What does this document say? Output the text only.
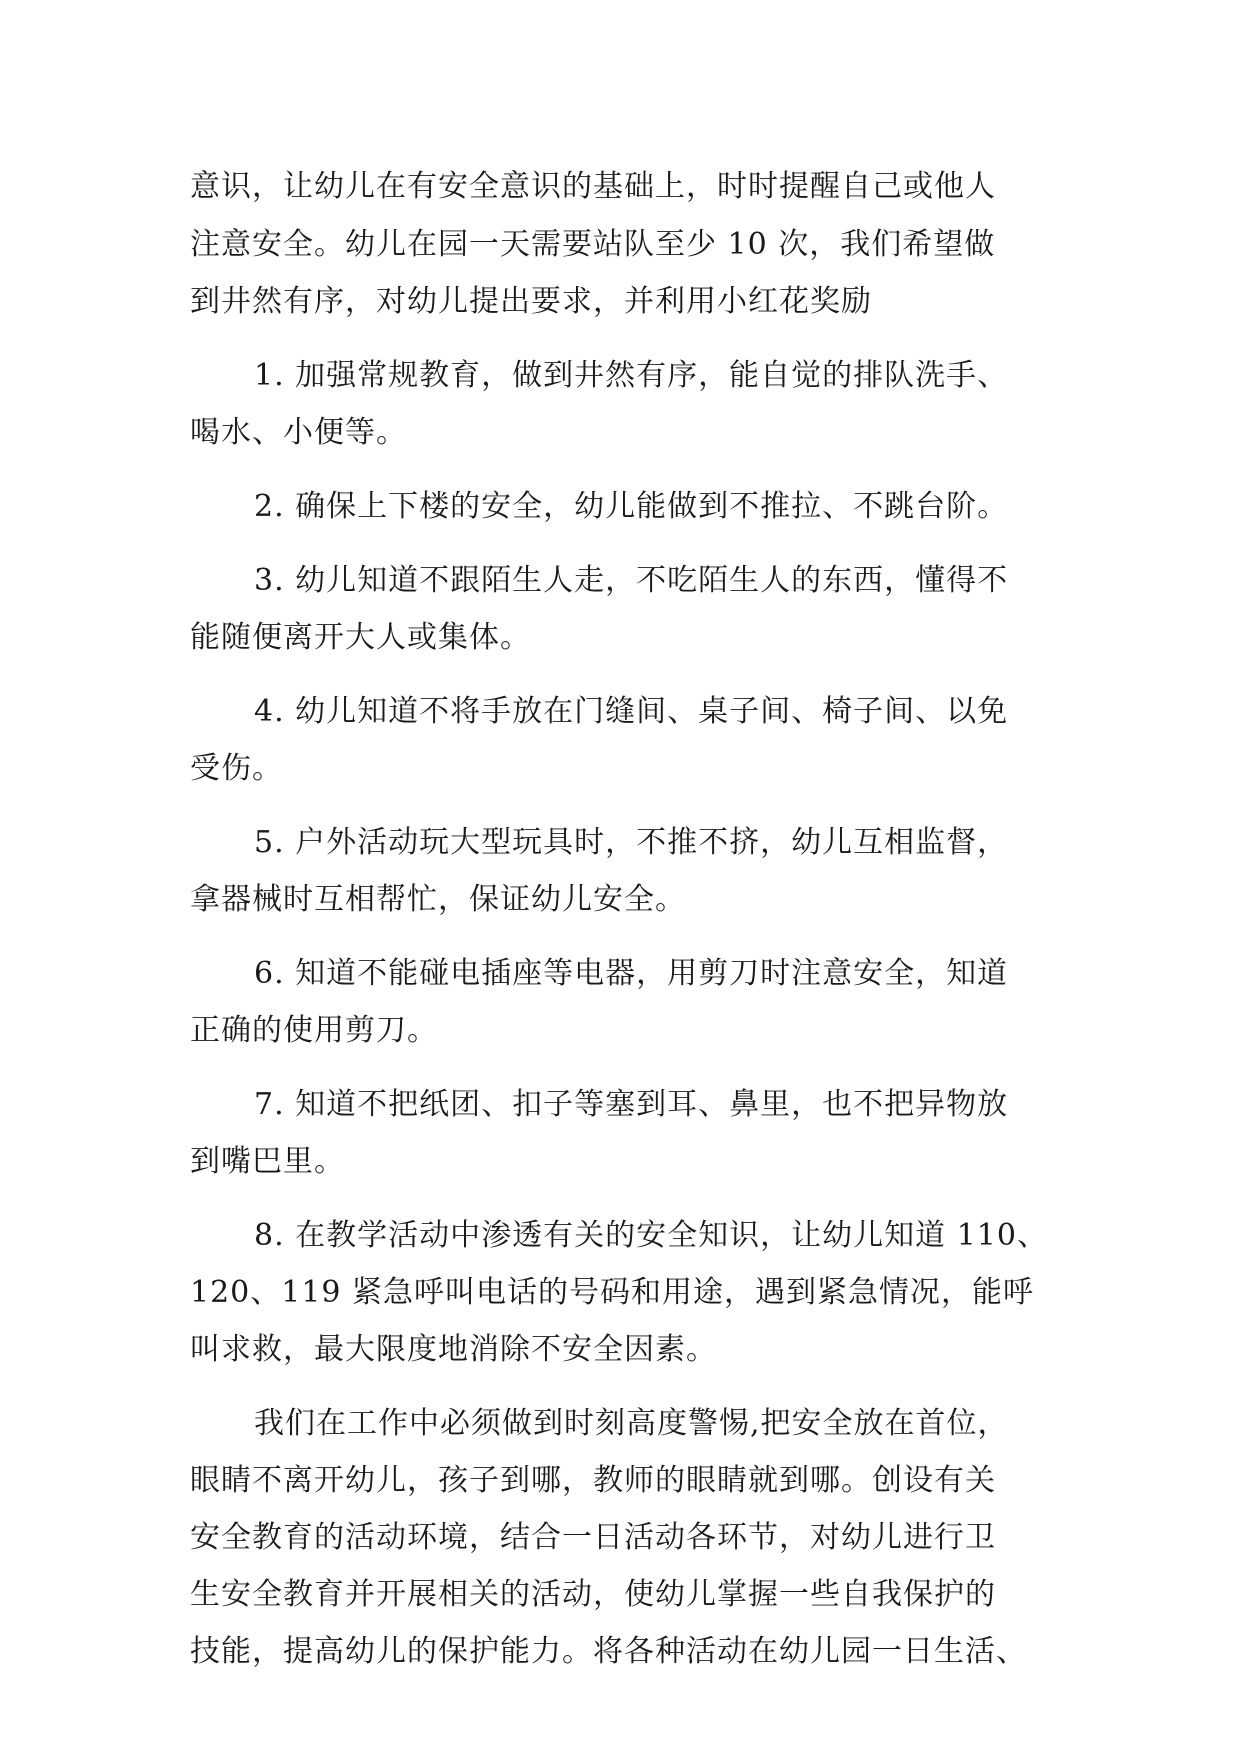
意识，让幼儿在有安全意识的基础上，时时提醒自己或他人
注意安全。幼儿在园一天需要站队至少 10 次，我们希望做
到井然有序，对幼儿提出要求，并利用小红花奖励
1. 加强常规教育，做到井然有序，能自觉的排队洗手、
喝水、小便等。
2. 确保上下楼的安全，幼儿能做到不推拉、不跳台阶。
3. 幼儿知道不跟陌生人走，不吃陌生人的东西，懂得不
能随便离开大人或集体。
4. 幼儿知道不将手放在门缝间、桌子间、椅子间、以免
受伤。
5. 户外活动玩大型玩具时，不推不挤，幼儿互相监督，
拿器械时互相帮忙，保证幼儿安全。
6. 知道不能碰电插座等电器，用剪刀时注意安全，知道
正确的使用剪刀。
7. 知道不把纸团、扣子等塞到耳、鼻里，也不把异物放
到嘴巴里。
8. 在教学活动中渗透有关的安全知识，让幼儿知道 110、
120、119 紧急呼叫电话的号码和用途，遇到紧急情况，能呼
叫求救，最大限度地消除不安全因素。
我们在工作中必须做到时刻高度警惕,把安全放在首位，
眼睛不离开幼儿，孩子到哪，教师的眼睛就到哪。创设有关
安全教育的活动环境，结合一日活动各环节，对幼儿进行卫
生安全教育并开展相关的活动，使幼儿掌握一些自我保护的
技能，提高幼儿的保护能力。将各种活动在幼儿园一日生活、
